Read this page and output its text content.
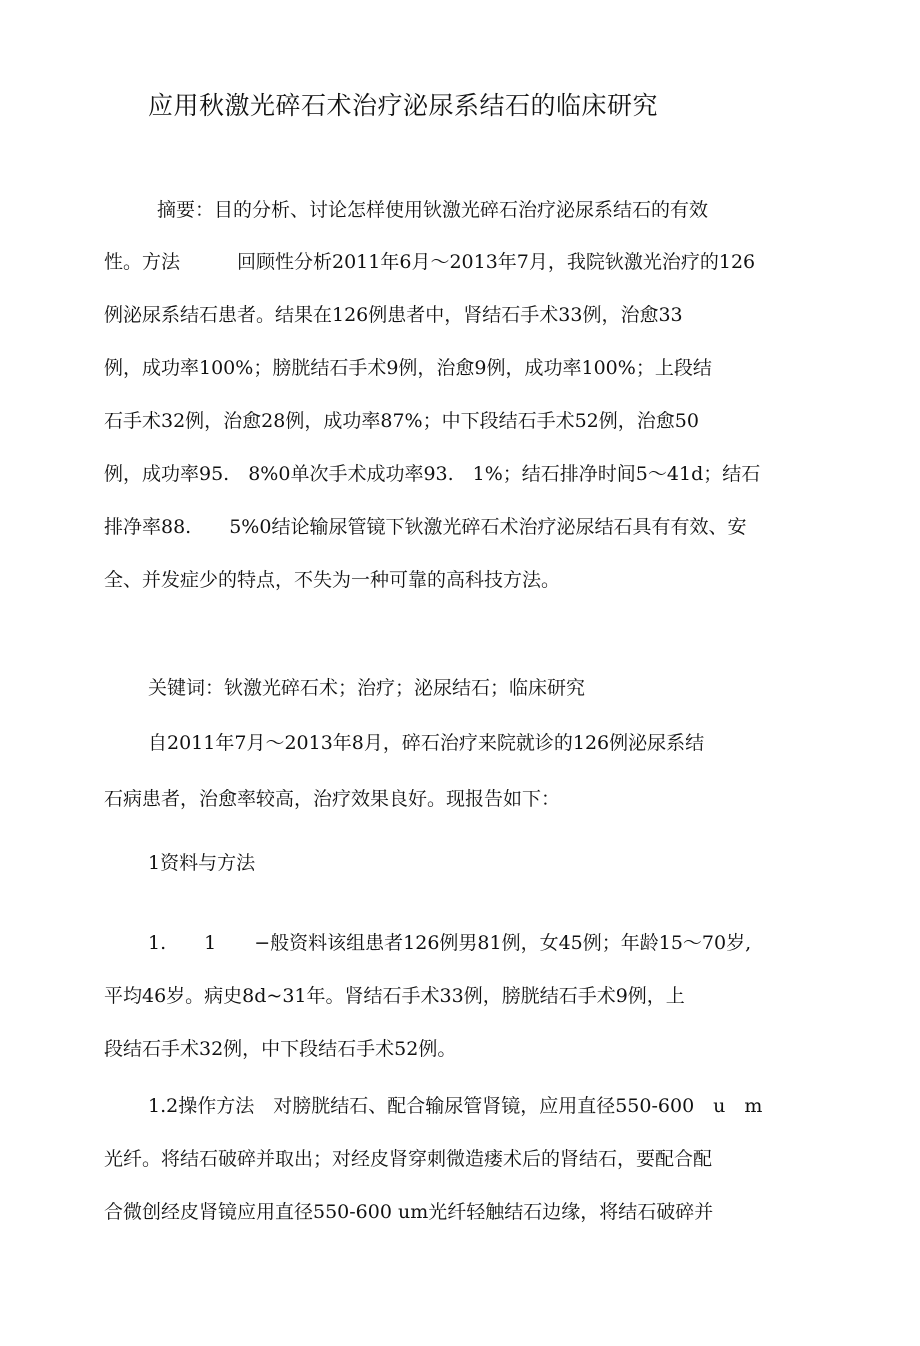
应用秋激光碎石术治疗泌尿系结石的临床研究
摘要：目的分析、讨论怎样使用钬激光碎石治疗泌尿系结石的有效
性。方法　　　回顾性分析2011年6月〜2013年7月，我院钬激光治疗的126
例泌尿系结石患者。结果在126例患者中，肾结石手术33例，治愈33
例，成功率100%；膀胱结石手术9例，治愈9例，成功率100%；上段结
石手术32例，治愈28例，成功率87%；中下段结石手术52例，治愈50
例，成功率95.　8%0单次手术成功率93.　1%；结石排净时间5〜41d；结石
排净率88.　　5%0结论输尿管镜下钬激光碎石术治疗泌尿结石具有有效、安
全、并发症少的特点，不失为一种可靠的高科技方法。
关键词：钬激光碎石术；治疗；泌尿结石；临床研究
自2011年7月〜2013年8月，碎石治疗来院就诊的126例泌尿系结
石病患者，治愈率较高，治疗效果良好。现报告如下：
1资料与方法
1.　　1　　−般资料该组患者126例男81例，女45例；年龄15〜70岁,
平均46岁。病史8d~31年。肾结石手术33例，膀胱结石手术9例，上
段结石手术32例，中下段结石手术52例。
1.2操作方法　对膀胱结石、配合输尿管肾镜，应用直径550-600　u　m
光纤。将结石破碎并取出；对经皮肾穿刺微造瘘术后的肾结石，要配合配
合微创经皮肾镜应用直径550-600 um光纤轻触结石边缘，将结石破碎并
